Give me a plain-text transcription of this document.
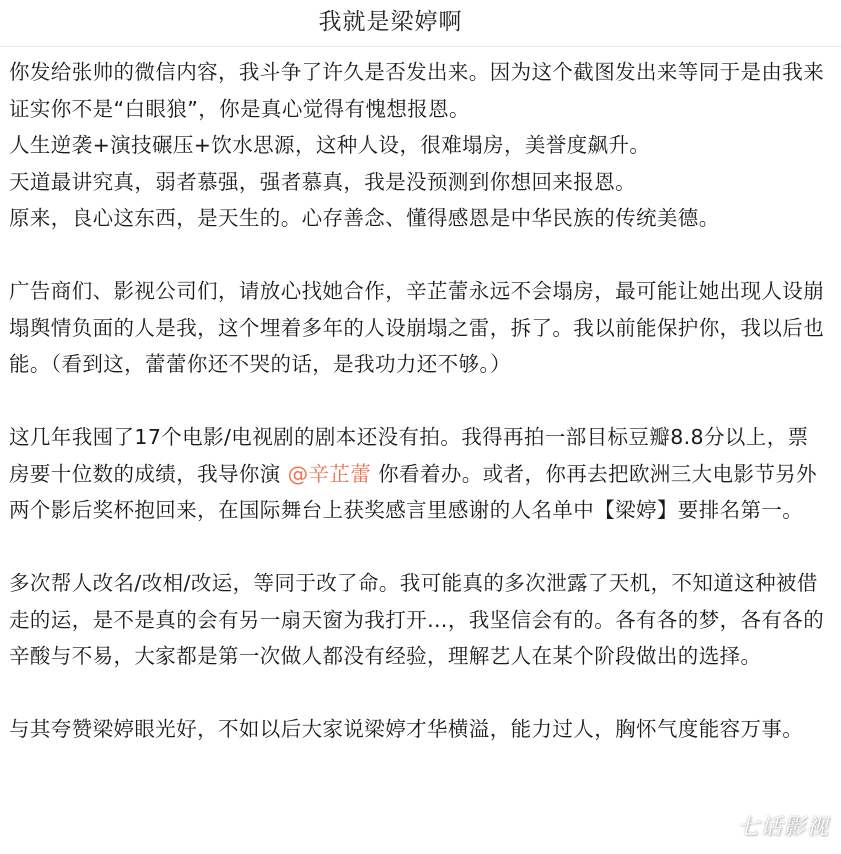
我就是梁婷啊

你发给张帅的微信内容，我斗争了许久是否发出来。因为这个截图发出来等同于是由我来证实你不是“白眼狼”，你是真心觉得有愧想报恩。

人生逆袭+演技碾压+饮水思源，这种人设，很难塌房，美誉度飙升。

天道最讲究真，弱者慕强，强者慕真，我是没预测到你想回来报恩。

原来，良心这东西，是天生的。心存善念、懂得感恩是中华民族的传统美德。

广告商们、影视公司们，请放心找她合作，辛芷蕾永远不会塌房，最可能让她出现人设崩塌舆情负面的人是我，这个埋着多年的人设崩塌之雷，拆了。我以前能保护你，我以后也能。（看到这，蕾蕾你还不哭的话，是我功力还不够。）

这几年我囤了17个电影/电视剧的剧本还没有拍。我得再拍一部目标豆瓣8.8分以上，票房要十位数的成绩，我导你演 @辛芷蕾 你看着办。或者，你再去把欧洲三大电影节另外两个影后奖杯抱回来，在国际舞台上获奖感言里感谢的人名单中【梁婷】要排名第一。

多次帮人改名/改相/改运，等同于改了命。我可能真的多次泄露了天机，不知道这种被借走的运，是不是真的会有另一扇天窗为我打开…，我坚信会有的。各有各的梦，各有各的辛酸与不易，大家都是第一次做人都没有经验，理解艺人在某个阶段做出的选择。

与其夸赞梁婷眼光好，不如以后大家说梁婷才华横溢，能力过人，胸怀气度能容万事。

七话影视
